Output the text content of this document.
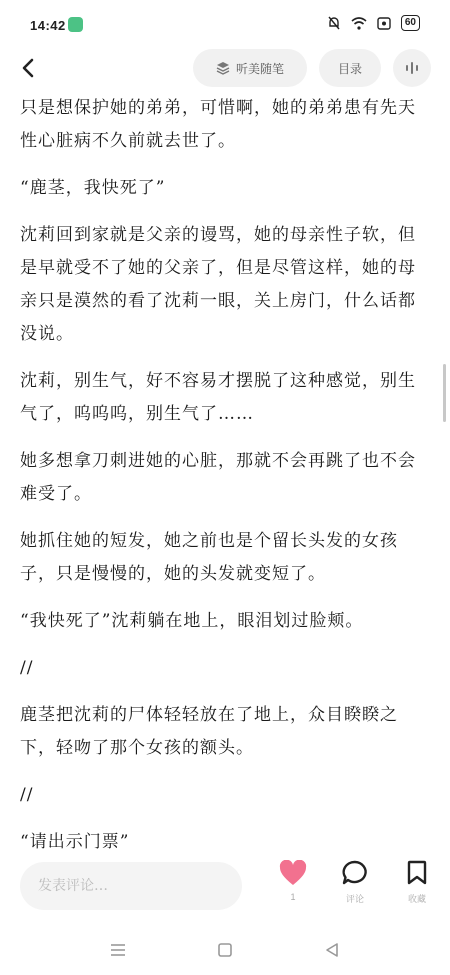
14:42	60
听美随笔	目录

只是想保护她的弟弟，可惜啊，她的弟弟患有先天性心脏病不久前就去世了。

“鹿茎，我快死了”

沈莉回到家就是父亲的谩骂，她的母亲性子软，但是早就受不了她的父亲了，但是尽管这样，她的母亲只是漠然的看了沈莉一眼，关上房门，什么话都没说。

沈莉，别生气，好不容易才摆脱了这种感觉，别生气了，呜呜呜，别生气了……

她多想拿刀刺进她的心脏，那就不会再跳了也不会难受了。

她抓住她的短发，她之前也是个留长头发的女孩子，只是慢慢的，她的头发就变短了。

“我快死了”沈莉躺在地上，眼泪划过脸颊。

//

鹿茎把沈莉的尸体轻轻放在了地上，众目睽睽之下，轻吻了那个女孩的额头。

//

“请出示门票”

发表评论…
1	评论	收藏
